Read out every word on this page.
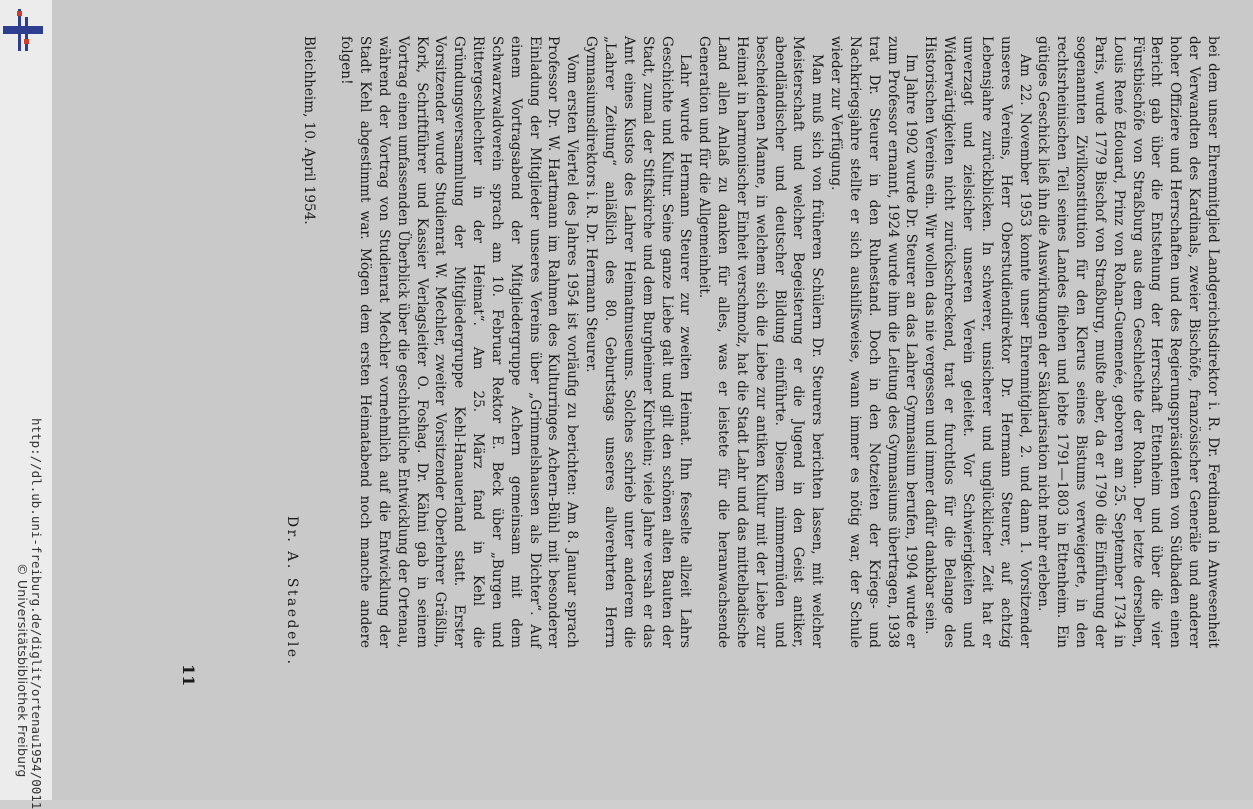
http://dl.ub.uni-freiburg.de/diglit/ortenau1954/0011
© Universitätsbibliothek Freiburg

bei dem unser Ehrenmitglied Landgerichtsdirektor i. R. Dr. Ferdinand in Anwesenheit der Verwandten des Kardinals, zweier Bischöfe, französischer Generäle und anderer hoher Offiziere und Herrschaften und des Regierungspräsidenten von Südbaden einen Bericht gab über die Entstehung der Herrschaft Ettenheim und über die vier Fürstbischöfe von Straßburg aus dem Geschlechte der Rohan. Der letzte derselben, Louis René Edouard, Prinz von Rohan-Guemenée, geboren am 25. September 1734 in Paris, wurde 1779 Bischof von Straßburg, mußte aber, da er 1790 die Einführung der sogenannten Zivilkonstitution für den Klerus seines Bistums verweigerte, in den rechtsrheinischen Teil seines Landes fliehen und lebte 1791—1803 in Ettenheim. Ein gütiges Geschick ließ ihn die Auswirkungen der Säkularisation nicht mehr erleben.

Am 22. November 1953 konnte unser Ehrenmitglied, 2. und dann 1. Vorsitzender unseres Vereins, Herr Oberstudiendirektor Dr. Hermann Steurer, auf achtzig Lebensjahre zurückblicken. In schwerer, unsicherer und unglücklicher Zeit hat er unverzagt und zielsicher unseren Verein geleitet. Vor Schwierigkeiten und Widerwärtigkeiten nicht zurückschreckend, trat er furchtlos für die Belange des Historischen Vereins ein. Wir wollen das nie vergessen und immer dafür dankbar sein.

Im Jahre 1902 wurde Dr. Steurer an das Lahrer Gymnasium berufen, 1904 wurde er zum Professor ernannt, 1924 wurde ihm die Leitung des Gymnasiums übertragen, 1938 trat Dr. Steurer in den Ruhestand. Doch in den Notzeiten der Kriegs- und Nachkriegsjahre stellte er sich aushilfsweise, wann immer es nötig war, der Schule wieder zur Verfügung.

Man muß sich von früheren Schülern Dr. Steurers berichten lassen, mit welcher Meisterschaft und welcher Begeisterung er die Jugend in den Geist antiker, abendländischer und deutscher Bildung einführte. Diesem nimmermüden und bescheidenen Manne, in welchem sich die Liebe zur antiken Kultur mit der Liebe zur Heimat in harmonischer Einheit verschmolz, hat die Stadt Lahr und das mittelbadische Land allen Anlaß zu danken für alles, was er leistete für die heranwachsende Generation und für die Allgemeinheit.

Lahr wurde Hermann Steurer zur zweiten Heimat. Ihn fesselte allzeit Lahrs Geschichte und Kultur. Seine ganze Liebe galt und gilt den schönen alten Bauten der Stadt, zumal der Stiftskirche und dem Burgheimer Kirchlein; viele Jahre versah er das Amt eines Kustos des Lahrer Heimatmuseums. Solches schrieb unter anderem die „Lahrer Zeitung“ anläßlich des 80. Geburtstags unseres allverehrten Herrn Gymnasiumsdirektors i. R. Dr. Hermann Steurer.

Vom ersten Viertel des Jahres 1954 ist vorläufig zu berichten: Am 8. Januar sprach Professor Dr. W. Hartmann im Rahmen des Kulturringes Achern-Bühl mit besonderer Einladung der Mitglieder unseres Vereins über „Grimmelshausen als Dichter“. Auf einem Vortragsabend der Mitgliedergruppe Achern gemeinsam mit dem Schwarzwaldverein sprach am 10. Februar Rektor E. Beck über „Burgen und Rittergeschlechter in der Heimat“. Am 25. März fand in Kehl die Gründungsversammlung der Mitgliedergruppe Kehl-Hanauerland statt. Erster Vorsitzender wurde Studienrat W. Mechler, zweiter Vorsitzender Oberlehrer Gräßlin, Kork, Schriftführer und Kassier Verlagsleiter O. Foshag. Dr. Kähni gab in seinem Vortrag einen umfassenden Überblick über die geschichtliche Entwicklung der Ortenau, während der Vortrag von Studienrat Mechler vornehmlich auf die Entwicklung der Stadt Kehl abgestimmt war. Mögen dem ersten Heimatabend noch manche andere folgen!

Bleichheim, 10. April 1954.

Dr. A. Staedele.
11
